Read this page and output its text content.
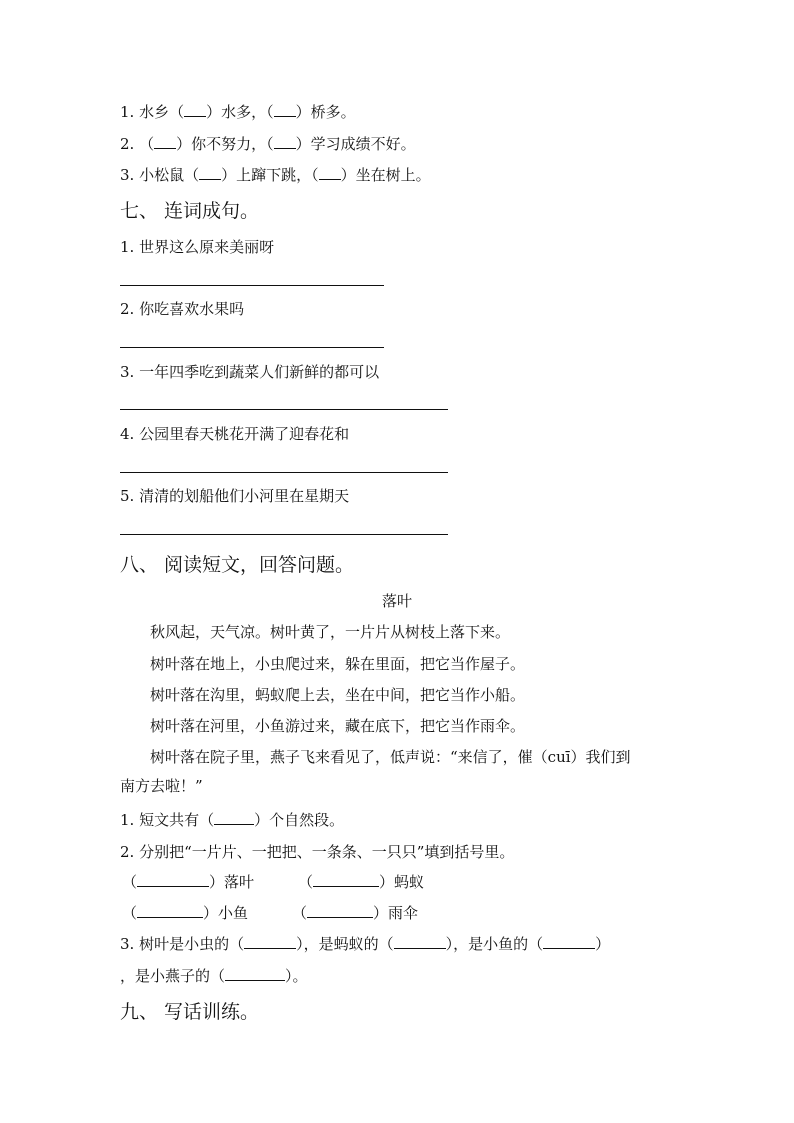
1. 水乡（ ）水多，（ ）桥多。
2. （ ）你不努力，（ ）学习成绩不好。
3. 小松鼠（ ）上蹿下跳，（ ）坐在树上。
七、 连词成句。
1. 世界这么原来美丽呀
2. 你吃喜欢水果吗
3. 一年四季吃到蔬菜人们新鲜的都可以
4. 公园里春天桃花开满了迎春花和
5. 清清的划船他们小河里在星期天
八、 阅读短文，回答问题。
落叶
秋风起，天气凉。树叶黄了，一片片从树枝上落下来。
树叶落在地上，小虫爬过来，躲在里面，把它当作屋子。
树叶落在沟里，蚂蚁爬上去，坐在中间，把它当作小船。
树叶落在河里，小鱼游过来，藏在底下，把它当作雨伞。
树叶落在院子里，燕子飞来看见了，低声说：“来信了，催（cuī）我们到
南方去啦！”
1. 短文共有（	）个自然段。
2. 分别把“一片片、一把把、一条条、一只只”填到括号里。
（	）落叶	（	）蚂蚁
（	）小鱼	（	）雨伞
3. 树叶是小虫的（	），是蚂蚁的（	），是小鱼的（	）
，是小燕子的（	）。
九、 写话训练。
